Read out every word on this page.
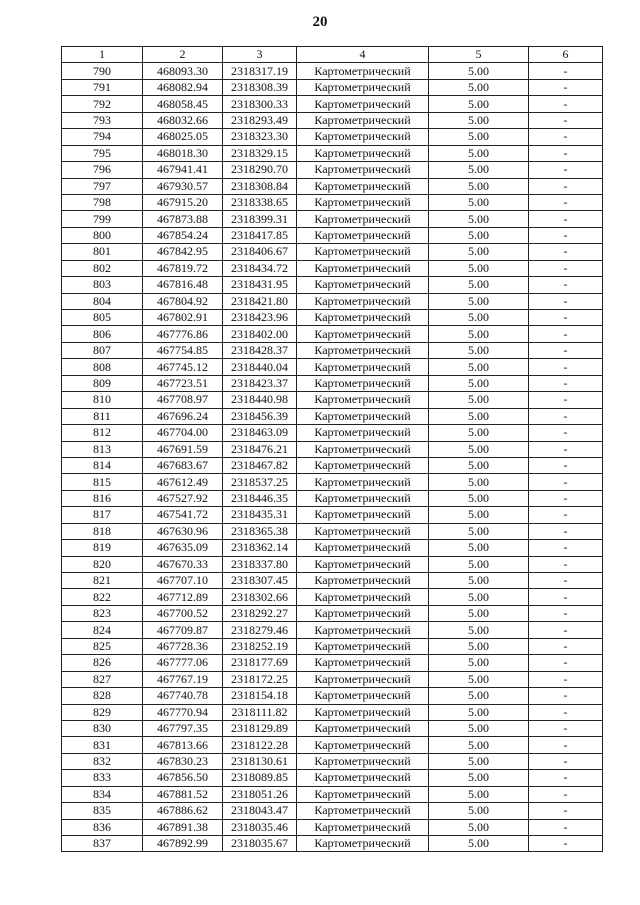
20
1	2	3	4	5	6
790	468093.30	2318317.19	Картометрический	5.00	-
791	468082.94	2318308.39	Картометрический	5.00	-
792	468058.45	2318300.33	Картометрический	5.00	-
793	468032.66	2318293.49	Картометрический	5.00	-
794	468025.05	2318323.30	Картометрический	5.00	-
795	468018.30	2318329.15	Картометрический	5.00	-
796	467941.41	2318290.70	Картометрический	5.00	-
797	467930.57	2318308.84	Картометрический	5.00	-
798	467915.20	2318338.65	Картометрический	5.00	-
799	467873.88	2318399.31	Картометрический	5.00	-
800	467854.24	2318417.85	Картометрический	5.00	-
801	467842.95	2318406.67	Картометрический	5.00	-
802	467819.72	2318434.72	Картометрический	5.00	-
803	467816.48	2318431.95	Картометрический	5.00	-
804	467804.92	2318421.80	Картометрический	5.00	-
805	467802.91	2318423.96	Картометрический	5.00	-
806	467776.86	2318402.00	Картометрический	5.00	-
807	467754.85	2318428.37	Картометрический	5.00	-
808	467745.12	2318440.04	Картометрический	5.00	-
809	467723.51	2318423.37	Картометрический	5.00	-
810	467708.97	2318440.98	Картометрический	5.00	-
811	467696.24	2318456.39	Картометрический	5.00	-
812	467704.00	2318463.09	Картометрический	5.00	-
813	467691.59	2318476.21	Картометрический	5.00	-
814	467683.67	2318467.82	Картометрический	5.00	-
815	467612.49	2318537.25	Картометрический	5.00	-
816	467527.92	2318446.35	Картометрический	5.00	-
817	467541.72	2318435.31	Картометрический	5.00	-
818	467630.96	2318365.38	Картометрический	5.00	-
819	467635.09	2318362.14	Картометрический	5.00	-
820	467670.33	2318337.80	Картометрический	5.00	-
821	467707.10	2318307.45	Картометрический	5.00	-
822	467712.89	2318302.66	Картометрический	5.00	-
823	467700.52	2318292.27	Картометрический	5.00	-
824	467709.87	2318279.46	Картометрический	5.00	-
825	467728.36	2318252.19	Картометрический	5.00	-
826	467777.06	2318177.69	Картометрический	5.00	-
827	467767.19	2318172.25	Картометрический	5.00	-
828	467740.78	2318154.18	Картометрический	5.00	-
829	467770.94	2318111.82	Картометрический	5.00	-
830	467797.35	2318129.89	Картометрический	5.00	-
831	467813.66	2318122.28	Картометрический	5.00	-
832	467830.23	2318130.61	Картометрический	5.00	-
833	467856.50	2318089.85	Картометрический	5.00	-
834	467881.52	2318051.26	Картометрический	5.00	-
835	467886.62	2318043.47	Картометрический	5.00	-
836	467891.38	2318035.46	Картометрический	5.00	-
837	467892.99	2318035.67	Картометрический	5.00	-
